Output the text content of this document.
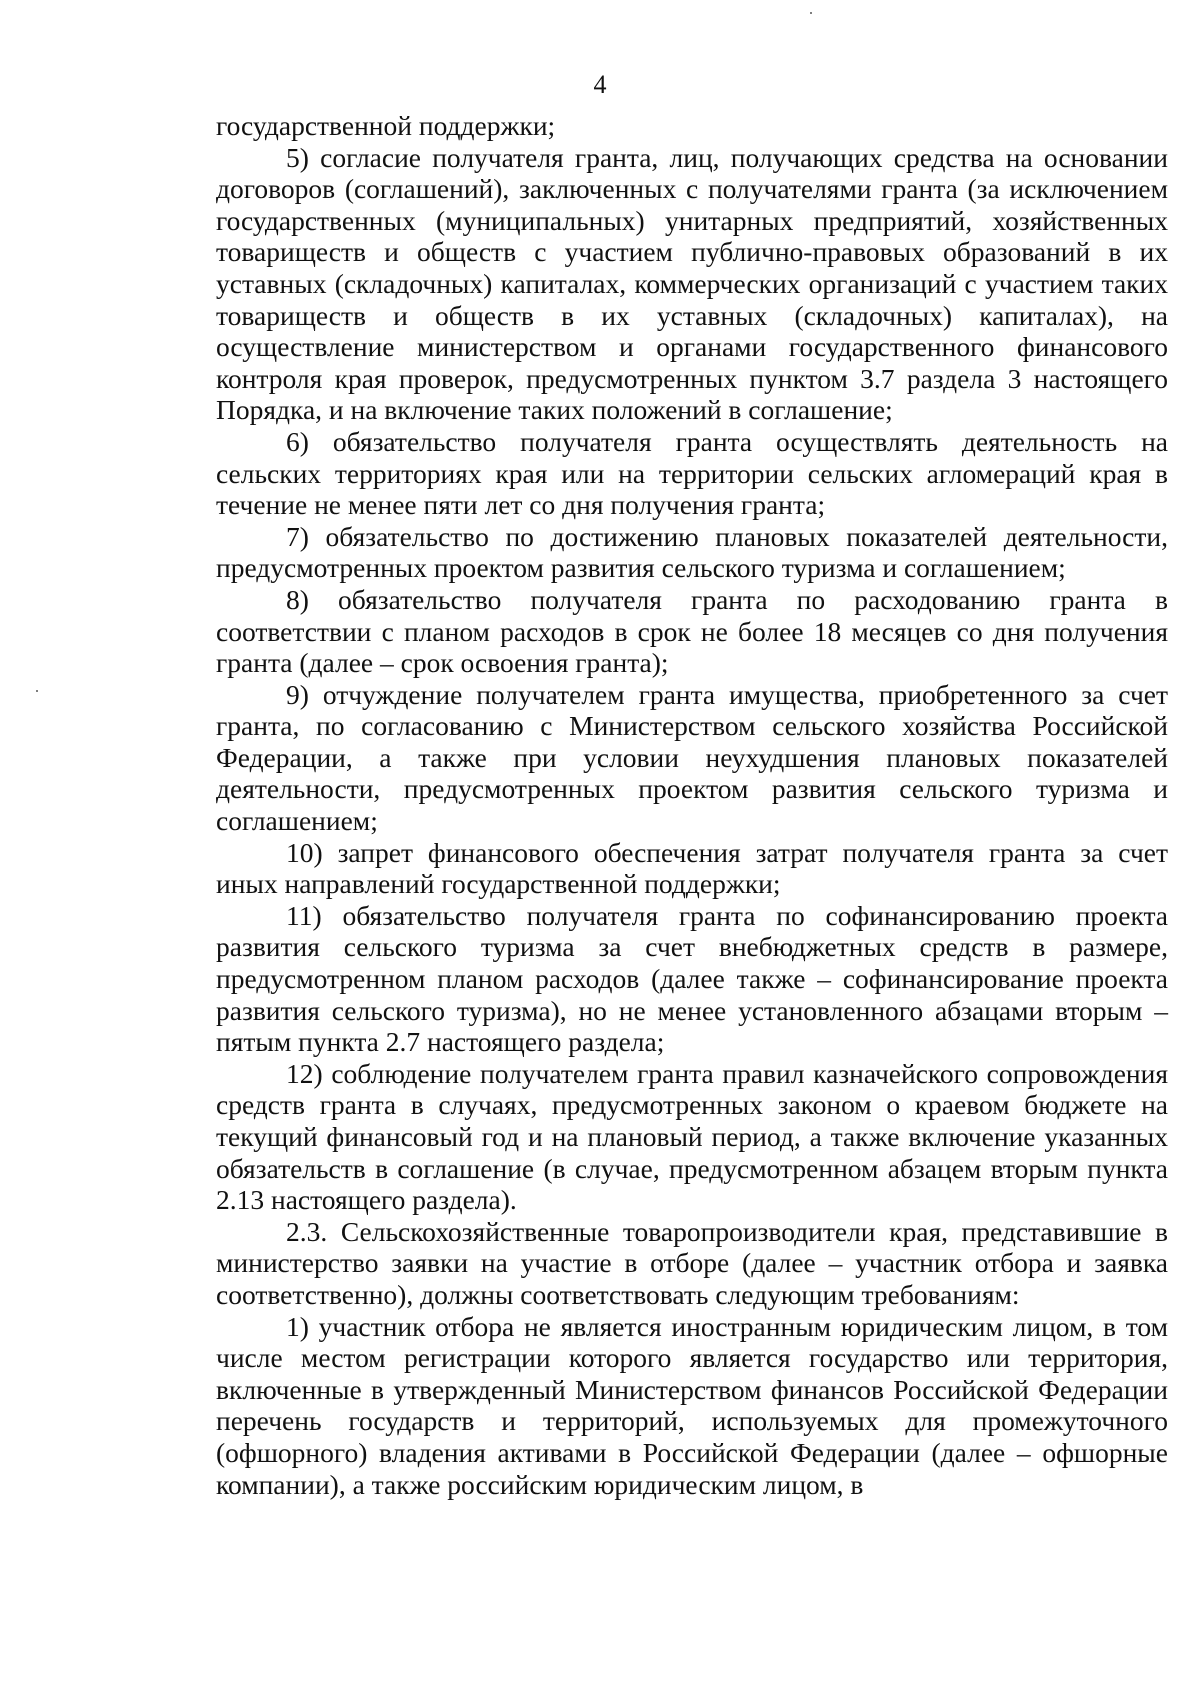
4

государственной поддержки;

5) согласие получателя гранта, лиц, получающих средства на основании договоров (соглашений), заключенных с получателями гранта (за исключением государственных (муниципальных) унитарных предприятий, хозяйственных товариществ и обществ с участием публично-правовых образований в их уставных (складочных) капиталах, коммерческих организаций с участием таких товариществ и обществ в их уставных (складочных) капиталах), на осуществление министерством и органами государственного финансового контроля края проверок, предусмотренных пунктом 3.7 раздела 3 настоящего Порядка, и на включение таких положений в соглашение;

6) обязательство получателя гранта осуществлять деятельность на сельских территориях края или на территории сельских агломераций края в течение не менее пяти лет со дня получения гранта;

7) обязательство по достижению плановых показателей деятельности, предусмотренных проектом развития сельского туризма и соглашением;

8) обязательство получателя гранта по расходованию гранта в соответствии с планом расходов в срок не более 18 месяцев со дня получения гранта (далее – срок освоения гранта);

9) отчуждение получателем гранта имущества, приобретенного за счет гранта, по согласованию с Министерством сельского хозяйства Российской Федерации, а также при условии неухудшения плановых показателей деятельности, предусмотренных проектом развития сельского туризма и соглашением;

10) запрет финансового обеспечения затрат получателя гранта за счет иных направлений государственной поддержки;

11) обязательство получателя гранта по софинансированию проекта развития сельского туризма за счет внебюджетных средств в размере, предусмотренном планом расходов (далее также – софинансирование проекта развития сельского туризма), но не менее установленного абзацами вторым – пятым пункта 2.7 настоящего раздела;

12) соблюдение получателем гранта правил казначейского сопровождения средств гранта в случаях, предусмотренных законом о краевом бюджете на текущий финансовый год и на плановый период, а также включение указанных обязательств в соглашение (в случае, предусмотренном абзацем вторым пункта 2.13 настоящего раздела).

2.3. Сельскохозяйственные товаропроизводители края, представившие в министерство заявки на участие в отборе (далее – участник отбора и заявка соответственно), должны соответствовать следующим требованиям:

1) участник отбора не является иностранным юридическим лицом, в том числе местом регистрации которого является государство или территория, включенные в утвержденный Министерством финансов Российской Федерации перечень государств и территорий, используемых для промежуточного (офшорного) владения активами в Российской Федерации (далее – офшорные компании), а также российским юридическим лицом, в
